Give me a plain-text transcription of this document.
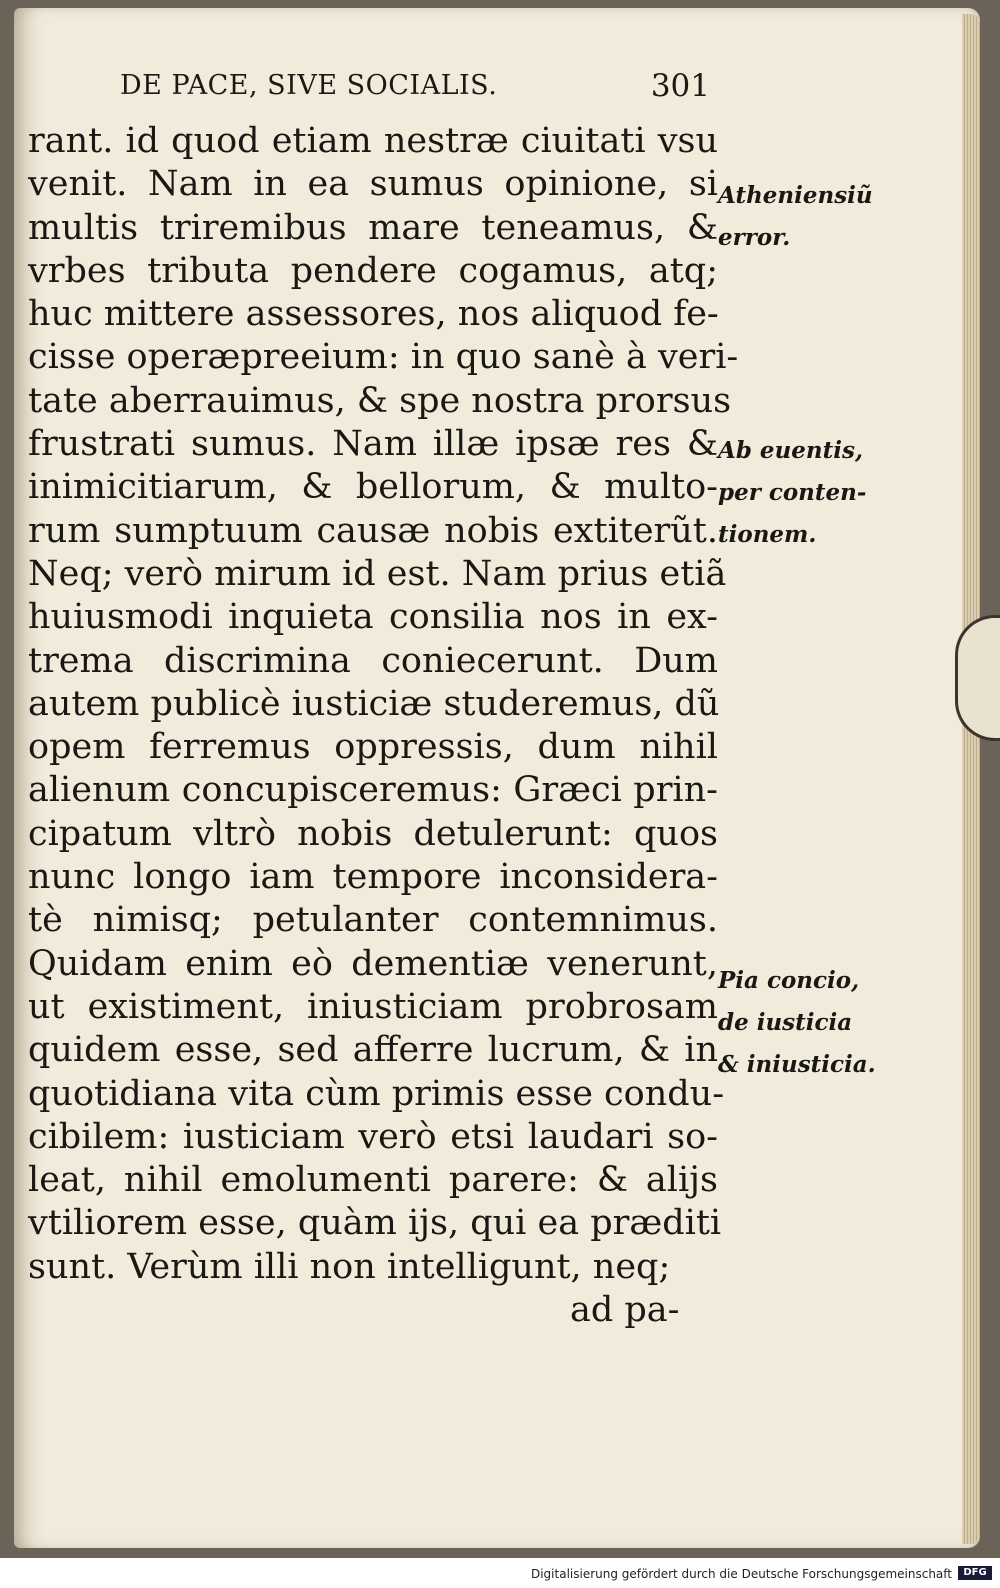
DE PACE, SIVE SOCIALIS.	301
rant. id quod etiam nestræ ciuitati vsu
venit. Nam in ea sumus opinione, si
multis triremibus mare teneamus, &
vrbes tributa pendere cogamus, atq;
huc mittere assessores, nos aliquod fe-
cisse operæpreeium: in quo sanè à veri-
tate aberrauimus, & spe nostra prorsus
frustrati sumus. Nam illæ ipsæ res &
inimicitiarum, & bellorum, & multo-
rum sumptuum causæ nobis extiterũt.
Neq; verò mirum id est. Nam prius etiã
huiusmodi inquieta consilia nos in ex-
trema discrimina coniecerunt. Dum
autem publicè iusticiæ studeremus, dũ
opem ferremus oppressis, dum nihil
alienum concupisceremus: Græci prin-
cipatum vltrò nobis detulerunt: quos
nunc longo iam tempore inconsidera-
tè nimisq; petulanter contemnimus.
Quidam enim eò dementiæ venerunt,
ut existiment, iniusticiam probrosam
quidem esse, sed afferre lucrum, & in
quotidiana vita cùm primis esse condu-
cibilem: iusticiam verò etsi laudari so-
leat, nihil emolumenti parere: & alijs
vtiliorem esse, quàm ijs, qui ea præditi
sunt. Verùm illi non intelligunt, neq;
ad pa-
Atheniensiũ
error.
Ab euentis,
per conten-
tionem.
Pia concio,
de iusticia
& iniusticia.
Digitalisierung gefördert durch die Deutsche Forschungsgemeinschaft	DFG
